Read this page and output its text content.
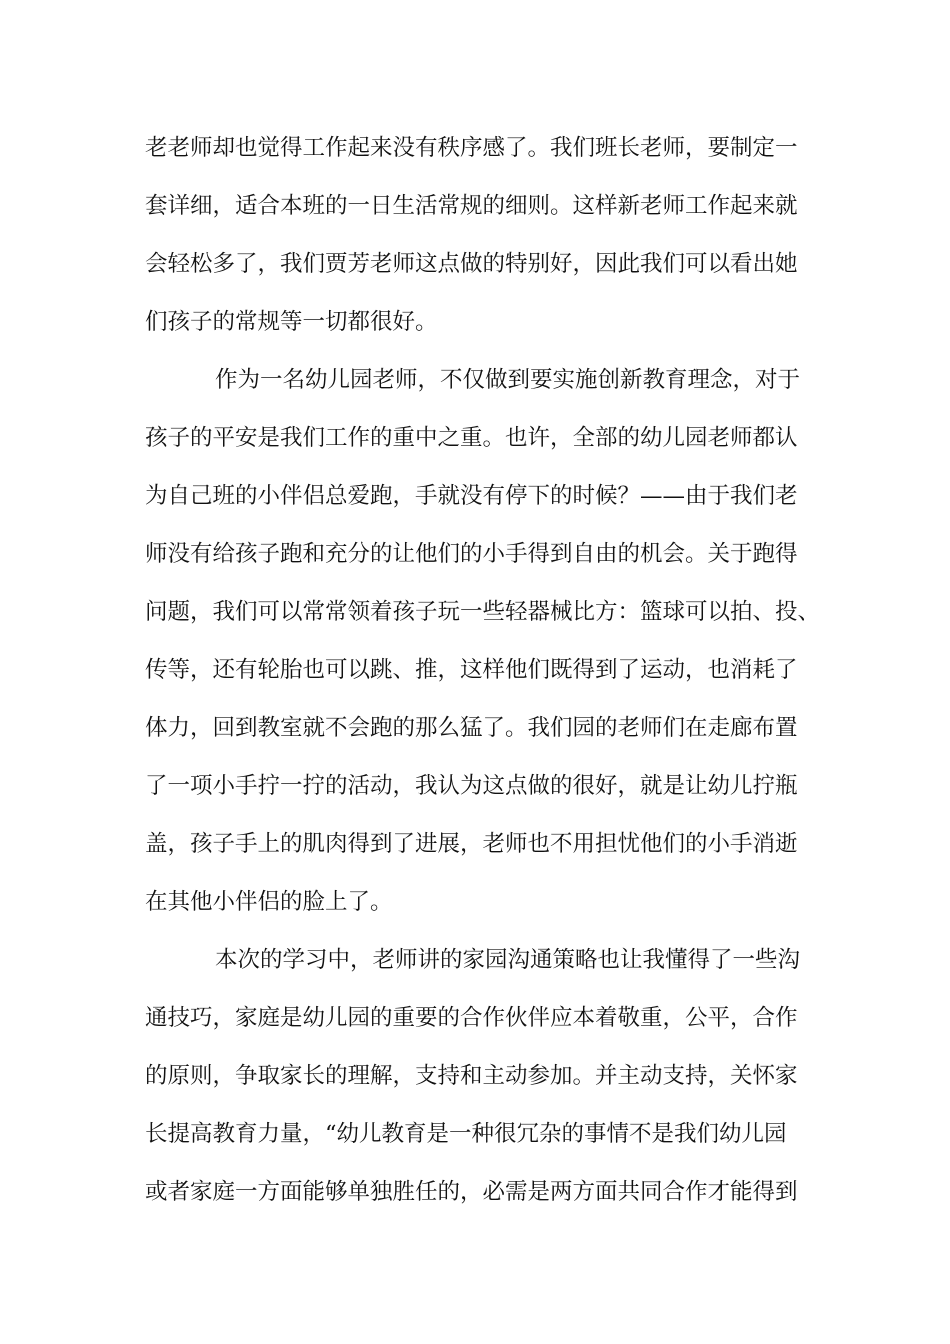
老老师却也觉得工作起来没有秩序感了。我们班长老师，要制定一
套详细，适合本班的一日生活常规的细则。这样新老师工作起来就
会轻松多了，我们贾芳老师这点做的特别好，因此我们可以看出她
们孩子的常规等一切都很好。
作为一名幼儿园老师，不仅做到要实施创新教育理念，对于
孩子的平安是我们工作的重中之重。也许，全部的幼儿园老师都认
为自己班的小伴侣总爱跑，手就没有停下的时候？——由于我们老
师没有给孩子跑和充分的让他们的小手得到自由的机会。关于跑得
问题，我们可以常常领着孩子玩一些轻器械比方：篮球可以拍、投、
传等，还有轮胎也可以跳、推，这样他们既得到了运动，也消耗了
体力，回到教室就不会跑的那么猛了。我们园的老师们在走廊布置
了一项小手拧一拧的活动，我认为这点做的很好，就是让幼儿拧瓶
盖，孩子手上的肌肉得到了进展，老师也不用担忧他们的小手消逝
在其他小伴侣的脸上了。
本次的学习中，老师讲的家园沟通策略也让我懂得了一些沟
通技巧，家庭是幼儿园的重要的合作伙伴应本着敬重，公平，合作
的原则，争取家长的理解，支持和主动参加。并主动支持，关怀家
长提高教育力量，“幼儿教育是一种很冗杂的事情不是我们幼儿园
或者家庭一方面能够单独胜任的，必需是两方面共同合作才能得到
